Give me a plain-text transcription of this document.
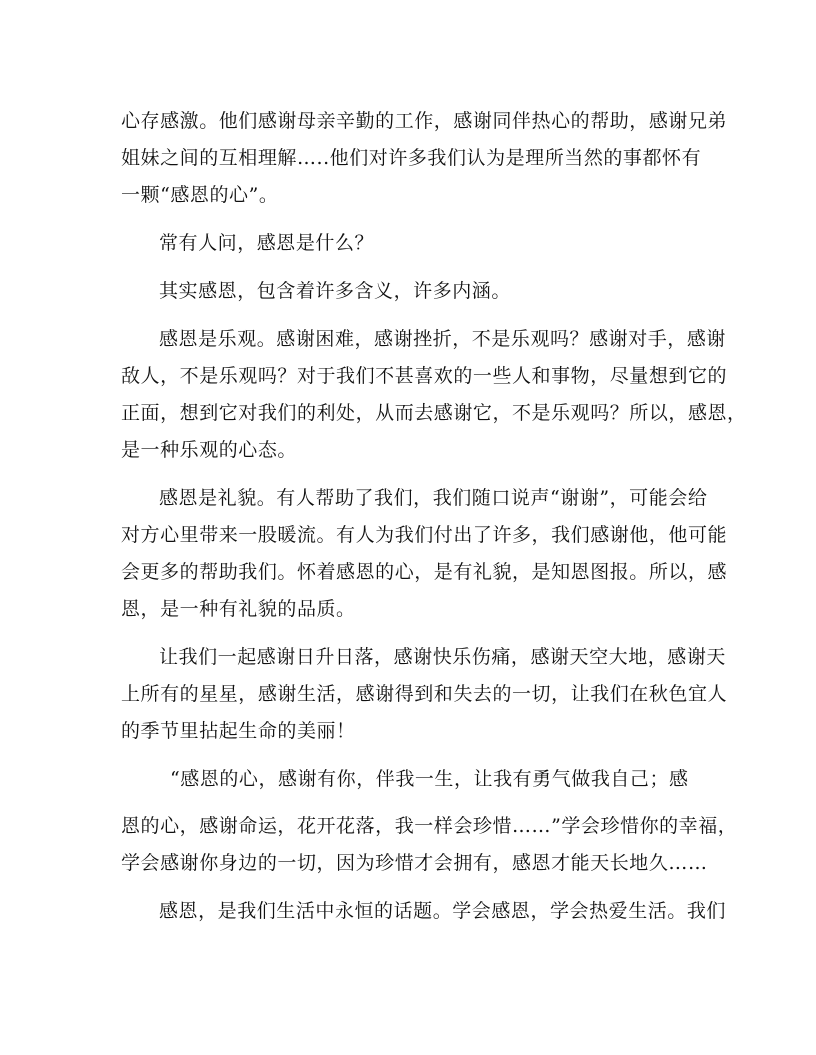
心存感激。他们感谢母亲辛勤的工作，感谢同伴热心的帮助，感谢兄弟
姐妹之间的互相理解…..他们对许多我们认为是理所当然的事都怀有
一颗“感恩的心”。
常有人问，感恩是什么？
其实感恩，包含着许多含义，许多内涵。
感恩是乐观。感谢困难，感谢挫折，不是乐观吗？感谢对手，感谢
敌人，不是乐观吗？对于我们不甚喜欢的一些人和事物，尽量想到它的
正面，想到它对我们的利处，从而去感谢它，不是乐观吗？所以，感恩，
是一种乐观的心态。
感恩是礼貌。有人帮助了我们，我们随口说声“谢谢”，可能会给
对方心里带来一股暖流。有人为我们付出了许多，我们感谢他，他可能
会更多的帮助我们。怀着感恩的心，是有礼貌，是知恩图报。所以，感
恩，是一种有礼貌的品质。
让我们一起感谢日升日落，感谢快乐伤痛，感谢天空大地，感谢天
上所有的星星，感谢生活，感谢得到和失去的一切，让我们在秋色宜人
的季节里拈起生命的美丽！
“感恩的心，感谢有你，伴我一生，让我有勇气做我自己；感
恩的心，感谢命运，花开花落，我一样会珍惜……”学会珍惜你的幸福，
学会感谢你身边的一切，因为珍惜才会拥有，感恩才能天长地久……
感恩，是我们生活中永恒的话题。学会感恩，学会热爱生活。我们
